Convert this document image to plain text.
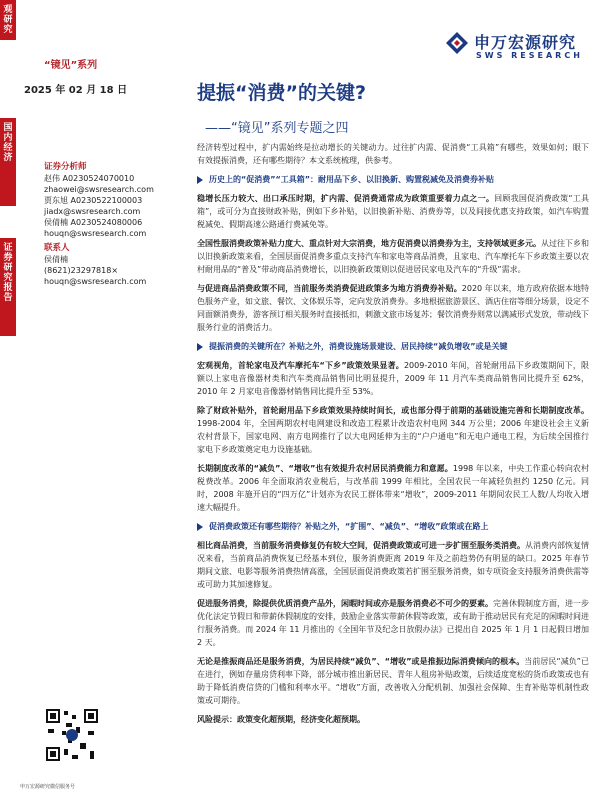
观
研
究
国
内
经
济
证
券
研
究
报
告
申万宏源研究
SWS RESEARCH
“镜见”系列
2025 年 02 月 18 日	提振“消费”的关键?
——“镜见”系列专题之四
证券分析师
赵伟 A0230524070010
zhaowei@swsresearch.com
贾东旭 A0230522100003
jiadx@swsresearch.com
侯倩楠 A0230524080006
houqn@swsresearch.com
联系人
侯倩楠
(8621)23297818×
houqn@swsresearch.com
申万宏源研究微信服务号

经济转型过程中，扩内需始终是拉动增长的关键动力。过往扩内需、促消费“工具箱”有哪些，效果如何；眼下有效提振消费，还有哪些期待？本文系统梳理，供参考。

历史上的“促消费”“工具箱”：耐用品下乡、以旧换新、购置税减免及消费券补贴

稳增长压力较大、出口承压时期，扩内需、促消费通常成为政策重要着力点之一。回顾我国促消费政策“工具箱”，或可分为直接财政补贴，例如下乡补贴，以旧换新补贴、消费券等，以及间接优惠支持政策，如汽车购置税减免、假期高速公路通行费减免等。

全国性服消费政策补贴力度大、重点针对大宗消费，地方促消费以消费券为主，支持领域更多元。从过往下乡和以旧换新政策来看，全国层面促消费多重点支持汽车和家电等商品消费，且家电、汽车摩托车下乡政策主要以农村耐用品的“普及”带动商品消费增长，以旧换新政策则以促进居民家电及汽车的“升级”需求。

与促进商品消费政策不同，当前服务类消费促进政策多为地方消费券补贴。2020 年以来，地方政府依据本地特色服务产业，如文旅、餐饮、文体娱乐等，定向发放消费券。多地根据旅游景区、酒店住宿等细分场景，设定不同面额消费券，游客预订相关服务时直接抵扣，刺激文旅市场复苏；餐饮消费券则常以满减形式发放，带动线下服务行业的消费活力。

提振消费的关键所在？补贴之外，消费设施场景建设、居民持续“减负增收”或是关键

宏观视角，首轮家电及汽车摩托车“下乡”政策效果显著。2009-2010 年间，首轮耐用品下乡政策期间下，限额以上家电音像器材类和汽车类商品销售同比明显提升，2009 年 11 月汽车类商品销售同比提升至 62%，2010 年 2 月家电音像器材销售同比提升至 53%。

除了财政补贴外，首轮耐用品下乡政策效果持续时间长，或也部分得于前期的基础设施完善和长期制度改革。1998-2004 年，全国两期农村电网建设和改造工程累计改造农村电网 344 万公里；2006 年建设社会主义新农村背景下，国家电网、南方电网推行了以大电网延伸为主的“户户通电”和无电户通电工程，为后续全国推行家电下乡政策奠定电力设施基础。

长期制度改革的“减负”、“增收”也有效提升农村居民消费能力和意愿。1998 年以来，中央工作重心转向农村税费改革。2006 年全面取消农业税后，与改革前 1999 年相比，全国农民一年减轻负担约 1250 亿元。同时，2008 年施开启的“四万亿”计划亦为农民工群体带来“增收”，2009-2011 年期间农民工人数/人均收入增速大幅提升。

促消费政策还有哪些期待？补贴之外，“扩围”、“减负”、“增收”政策或在路上

相比商品消费，当前服务消费修复仍有较大空间，促消费政策或可进一步扩围至服务类消费。从消费内部恢复情况来看，当前商品消费恢复已经基本到位，服务消费距离 2019 年及之前趋势仍有明显的缺口。2025 年春节期间文旅、电影等服务消费热情高涨，全国层面促消费政策若扩围至服务消费，如专项资金支持服务消费供需等或可助力其加速修复。

促进服务消费，除提供优质消费产品外，闲暇时间或亦是服务消费必不可少的要素。完善休假制度方面，进一步优化法定节假日和带薪休假制度的安排，鼓励企业落实带薪休假等政策，或有助于推动居民有充足的闲暇时间进行服务消费。而 2024 年 11 月推出的《全国年节及纪念日放假办法》已提出自 2025 年 1 月 1 日起假日增加 2 天。

无论是推振商品还是服务消费，为居民持续“减负”、“增收”或是推振边际消费倾向的根本。当前居民“减负”已在进行，例如存量房贷利率下降，部分城市推出新居民、青年人租房补贴政策，后续适度宽松的货币政策或也有助于降低消费信贷的门槛和利率水平。“增收”方面，改善收入分配机制、加强社会保障、生育补贴等机制性政策或可期待。

风险提示：政策变化超预期，经济变化超预期。
